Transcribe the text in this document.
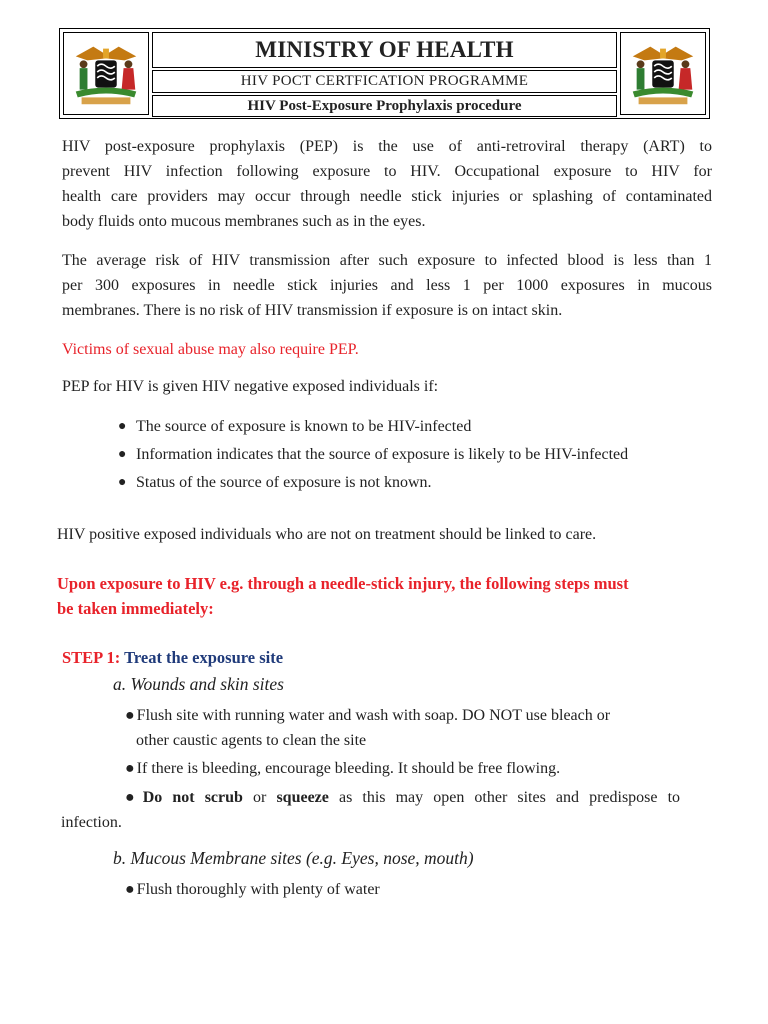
MINISTRY OF HEALTH
HIV POCT CERTFICATION PROGRAMME
HIV Post-Exposure Prophylaxis procedure
HIV post-exposure prophylaxis (PEP) is the use of anti-retroviral therapy (ART) to
prevent HIV infection following exposure to HIV. Occupational exposure to HIV for
health care providers may occur through needle stick injuries or splashing of contaminated
body fluids onto mucous membranes such as in the eyes.
The average risk of HIV transmission after such exposure to infected blood is less than 1
per 300 exposures in needle stick injuries and less 1 per 1000 exposures in mucous
membranes. There is no risk of HIV transmission if exposure is on intact skin.
Victims of sexual abuse may also require PEP.
PEP for HIV is given HIV negative exposed individuals if:
● The source of exposure is known to be HIV-infected
● Information indicates that the source of exposure is likely to be HIV-infected
● Status of the source of exposure is not known.
HIV positive exposed individuals who are not on treatment should be linked to care.
Upon exposure to HIV e.g. through a needle-stick injury, the following steps must
be taken immediately:
STEP 1: Treat the exposure site
a. Wounds and skin sites
● Flush site with running water and wash with soap. DO NOT use bleach or
other caustic agents to clean the site
● If there is bleeding, encourage bleeding. It should be free flowing.
● Do not scrub or squeeze as this may open other sites and predispose to
infection.
b. Mucous Membrane sites (e.g. Eyes, nose, mouth)
● Flush thoroughly with plenty of water
